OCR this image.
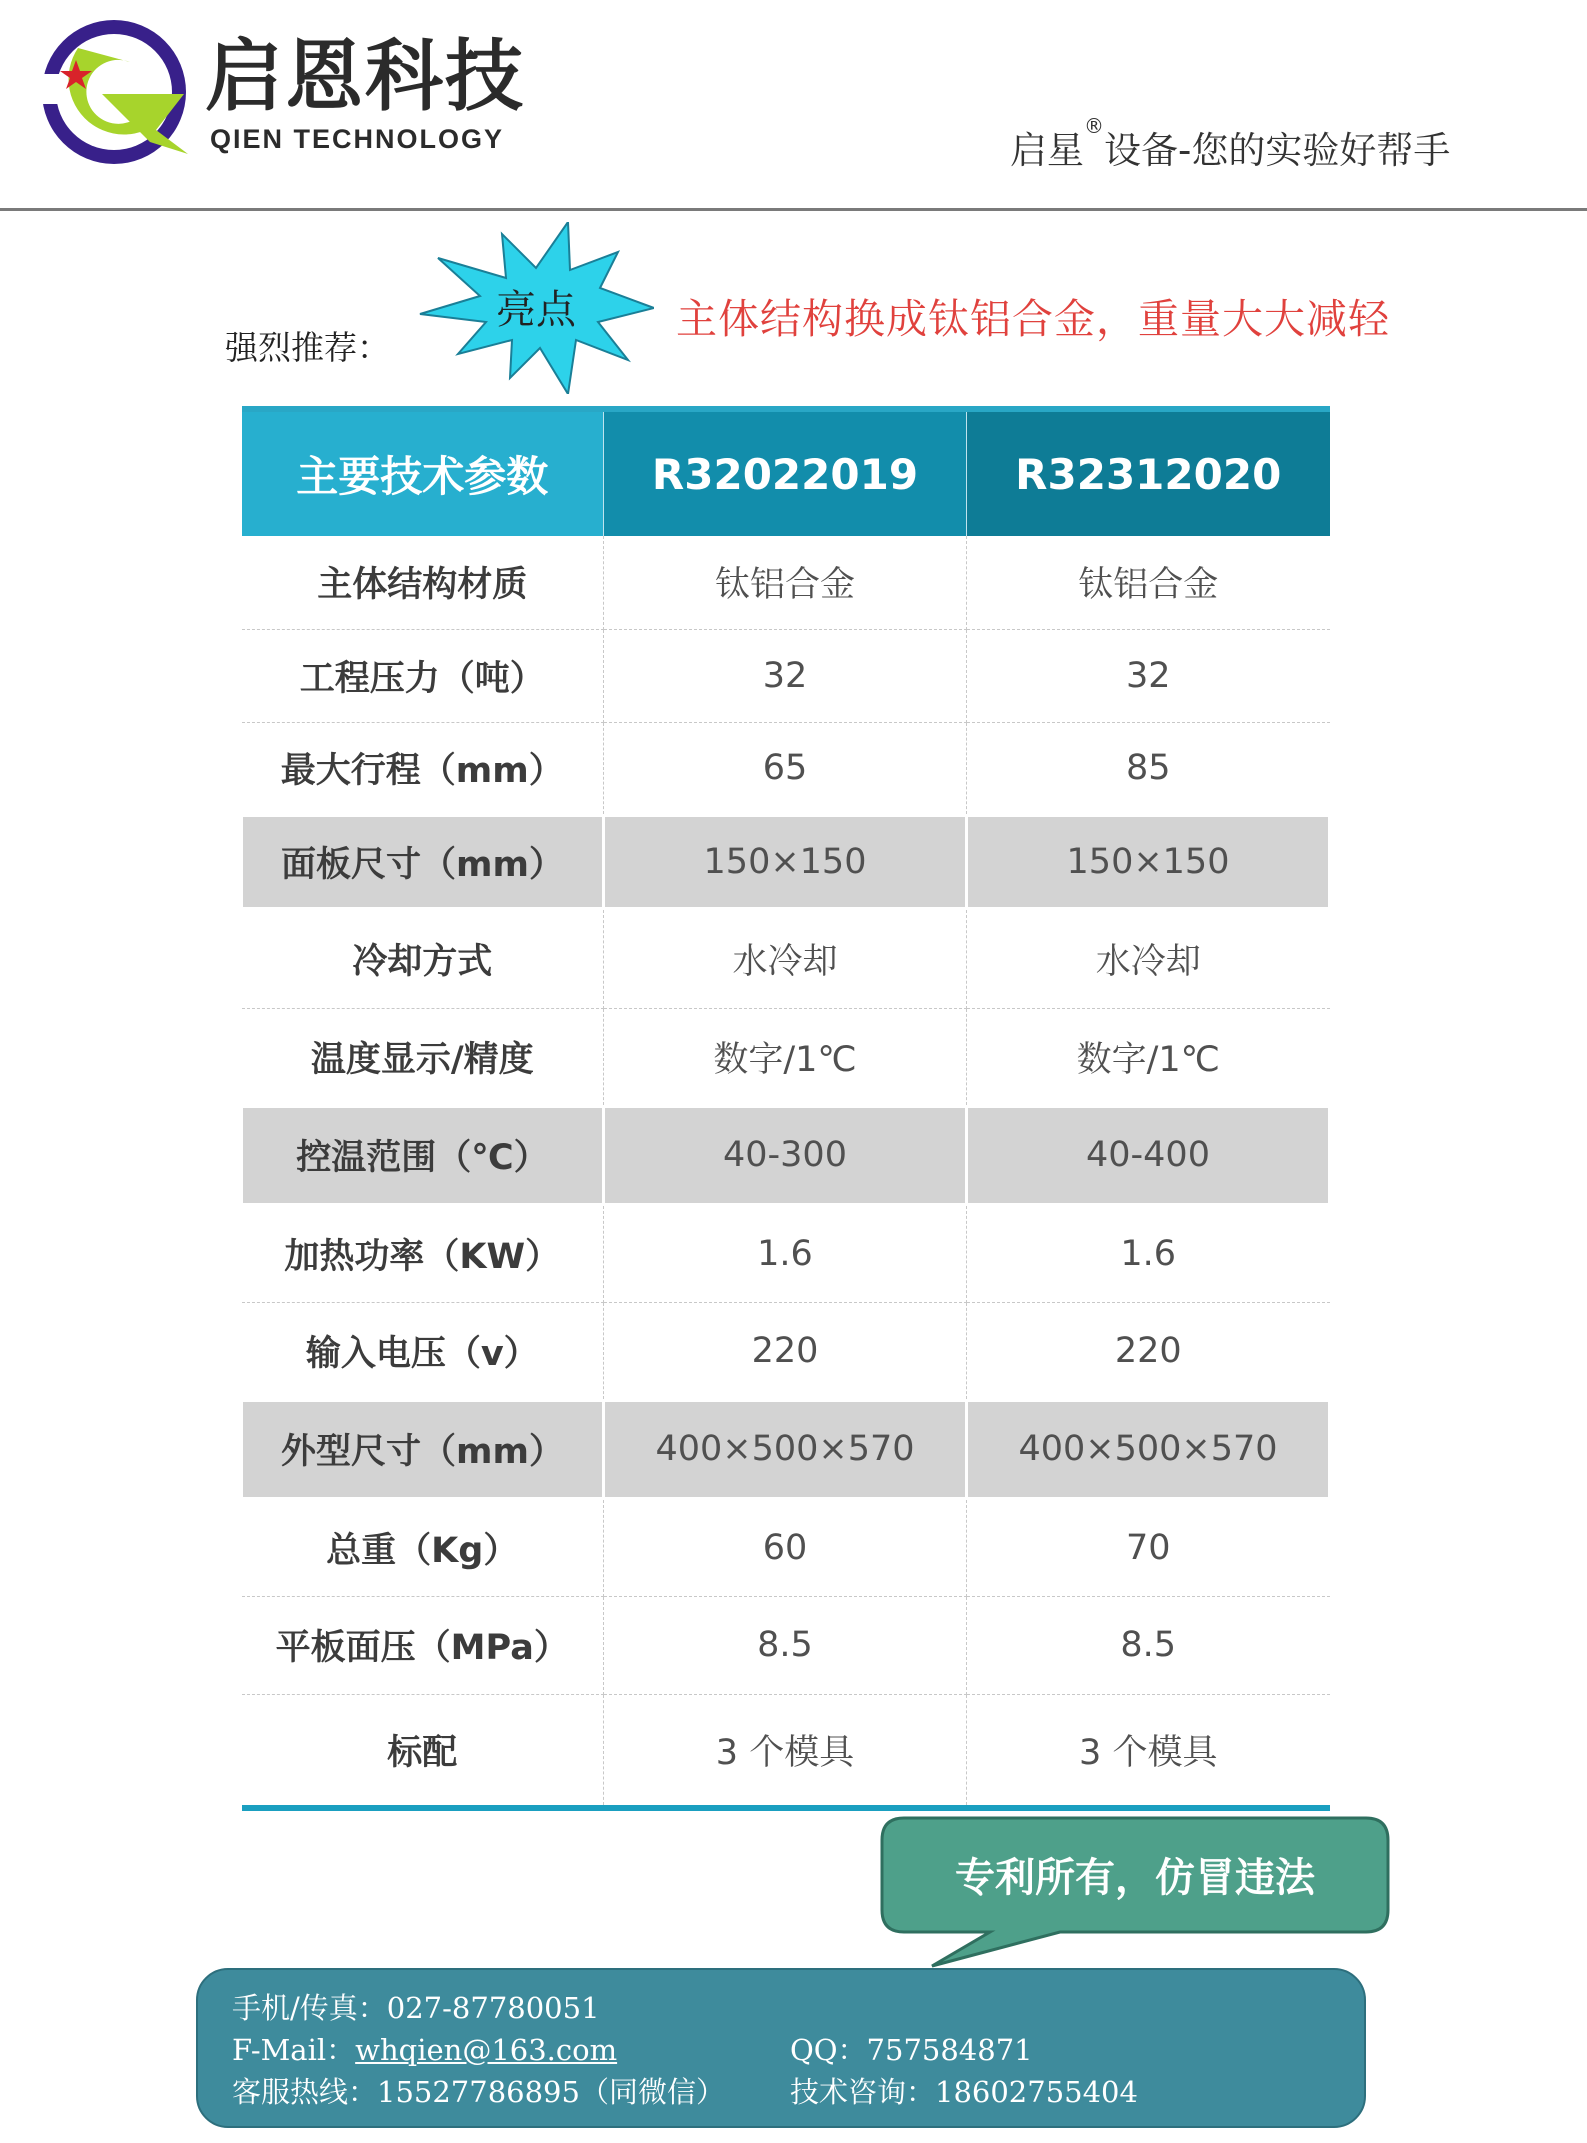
启恩科技
QIEN TECHNOLOGY	启星®设备-您的实验好帮手
强烈推荐：
亮点	主体结构换成钛铝合金，重量大大减轻
主要技术参数	R32022019	R32312020
主体结构材质	钛铝合金	钛铝合金
工程压力（吨）	32	32
最大行程（mm）	65	85
面板尺寸（mm）	150×150	150×150
冷却方式	水冷却	水冷却
温度显示/精度	数字/1℃	数字/1℃
控温范围（℃）	40-300	40-400
加热功率（KW）	1.6	1.6
输入电压（v）	220	220
外型尺寸（mm）	400×500×570	400×500×570
总重（Kg）	60	70
平板面压（MPa）	8.5	8.5
标配	3 个模具	3 个模具
专利所有，仿冒违法
手机/传真：027-87780051
F-Mail：whqien@163.com	QQ：757584871
客服热线：15527786895（同微信） 技术咨询：18602755404
